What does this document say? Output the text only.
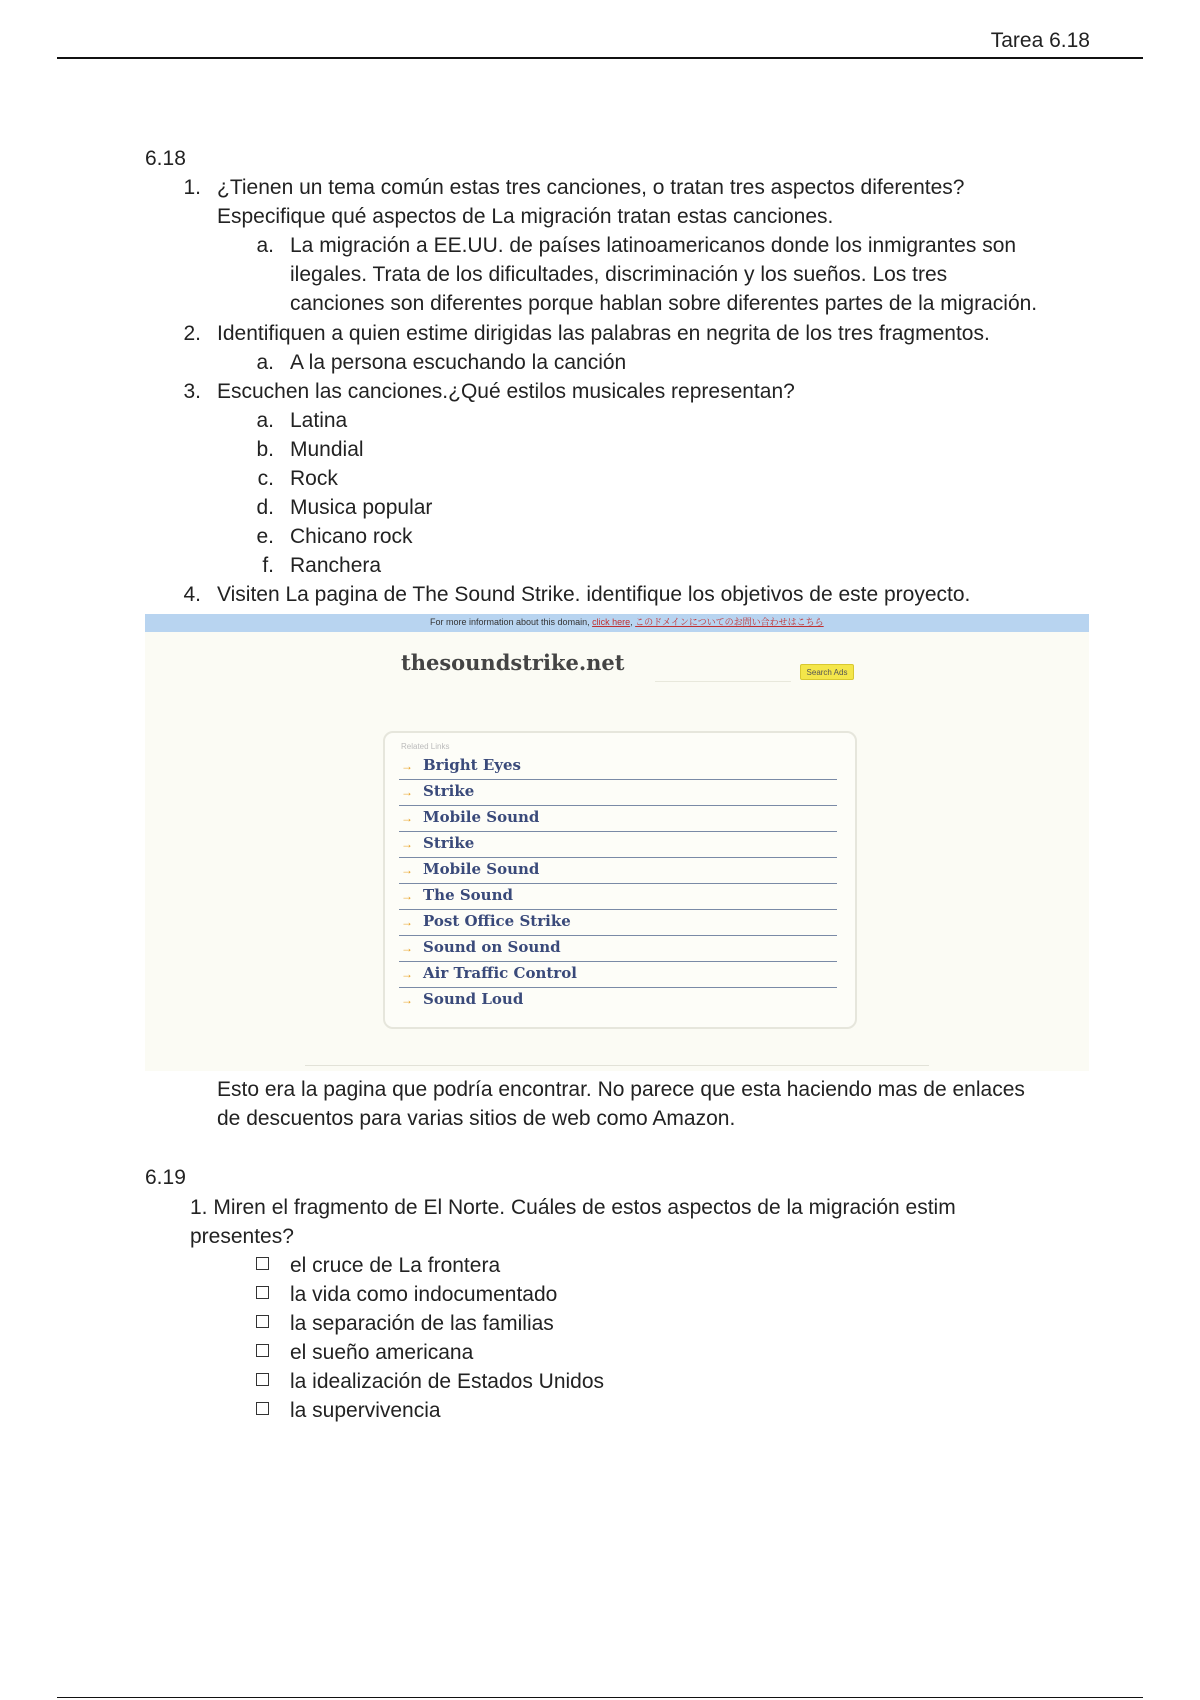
Tarea 6.18
6.18
1. ¿Tienen un tema común estas tres canciones, o tratan tres aspectos diferentes?
Especifique qué aspectos de La migración tratan estas canciones.
a. La migración a EE.UU. de países latinoamericanos donde los inmigrantes son
ilegales. Trata de los dificultades, discriminación y los sueños. Los tres
canciones son diferentes porque hablan sobre diferentes partes de la migración.
2. Identifiquen a quien estime dirigidas las palabras en negrita de los tres fragmentos.
a. A la persona escuchando la canción
3. Escuchen las canciones.¿Qué estilos musicales representan?
a. Latina
b. Mundial
c. Rock
d. Musica popular
e. Chicano rock
f. Ranchera
4. Visiten La pagina de The Sound Strike. identifique los objetivos de este proyecto.
For more information about this domain, click here, このドメインについてのお問い合わせはこちら
thesoundstrike.net	Search Ads
Related Links
→ Bright Eyes
→ Strike
→ Mobile Sound
→ Strike
→ Mobile Sound
→ The Sound
→ Post Office Strike
→ Sound on Sound
→ Air Traffic Control
→ Sound Loud
Esto era la pagina que podría encontrar. No parece que esta haciendo mas de enlaces
de descuentos para varias sitios de web como Amazon.
6.19
1. Miren el fragmento de El Norte. Cuáles de estos aspectos de la migración estim
presentes?
el cruce de La frontera
la vida como indocumentado
la separación de las familias
el sueño americana
la idealización de Estados Unidos
la supervivencia
